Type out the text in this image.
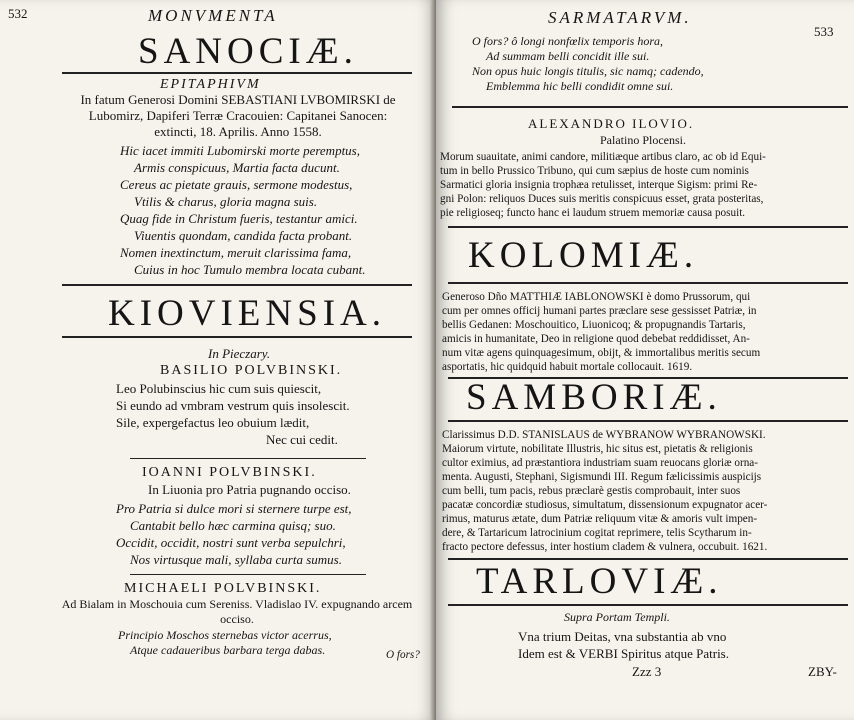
532	MONVMENTA
SANOCIÆ.
EPITAPHIVM
In fatum Generosi Domini SEBASTIANI LVBOMIRSKI de
Lubomirz, Dapiferi Terræ Cracouien: Capitanei Sanocen:
extincti, 18. Aprilis. Anno 1558.
Hic iacet immiti Lubomirski morte peremptus,
Armis conspicuus, Martia facta ducunt.
Cereus ac pietate grauis, sermone modestus,
Vtilis & charus, gloria magna suis.
Quag fide in Christum fueris, testantur amici.
Viuentis quondam, candida facta probant.
Nomen inextinctum, meruit clarissima fama,
Cuius in hoc Tumulo membra locata cubant.
KIOVIENSIA.
In Pieczary.
BASILIO POLVBINSKI.
Leo Polubinscius hic cum suis quiescit,
Si eundo ad vmbram vestrum quis insolescit.
Sile, expergefactus leo obuium lædit,
Nec cui cedit.
IOANNI POLVBINSKI.
In Liuonia pro Patria pugnando occiso.
Pro Patria si dulce mori si sternere turpe est,
Cantabit bello hæc carmina quisq; suo.
Occidit, occidit, nostri sunt verba sepulchri,
Nos virtusque mali, syllaba curta sumus.
MICHAELI POLVBINSKI.
Ad Bialam in Moschouia cum Sereniss. Vladislao IV. expugnando arcem
occiso.
Principio Moschos sternebas victor acerrus,
Atque cadaueribus barbara terga dabas.	O fors?
SARMATARVM.
533
O fors? ô longi nonfœlix temporis hora,
Ad summam belli concidit ille sui.
Non opus huic longis titulis, sic namq; cadendo,
Emblemma hic belli condidit omne sui.
ALEXANDRO ILOVIO.
Palatino Plocensi.
Morum suauitate, animi candore, militiæque artibus claro, ac ob id Equi-
tum in bello Prussico Tribuno, qui cum sæpius de hoste cum nominis
Sarmatici gloria insignia trophæa retulisset, interque Sigism: primi Re-
gni Polon: reliquos Duces suis meritis conspicuus esset, grata posteritas,
pie religioseq; functo hanc ei laudum struem memoriæ causa posuit.
KOLOMIÆ.
Generoso Dño MATTHIÆ IABLONOWSKI è domo Prussorum, qui
cum per omnes officij humani partes præclare sese gessisset Patriæ, in
bellis Gedanen: Moschouitico, Liuonicoq; & propugnandis Tartaris,
amicis in humanitate, Deo in religione quod debebat reddidisset, An-
num vitæ agens quinquagesimum, obijt, & immortalibus meritis secum
asportatis, hic quidquid habuit mortale collocauit. 1619.
SAMBORIÆ.
Clarissimus D.D. STANISLAUS de WYBRANOW WYBRANOWSKI.
Maiorum virtute, nobilitate Illustris, hic situs est, pietatis & religionis
cultor eximius, ad præstantiora industriam suam reuocans gloriæ orna-
menta. Augusti, Stephani, Sigismundi III. Regum fælicissimis auspicijs
cum belli, tum pacis, rebus præclarè gestis comprobauit, inter suos
pacatæ concordiæ studiosus, simultatum, dissensionum expugnator acer-
rimus, maturus ætate, dum Patriæ reliquum vitæ & amoris vult impen-
dere, & Tartaricum latrocinium cogitat reprimere, telis Scytharum in-
fracto pectore defessus, inter hostium cladem & vulnera, occubuit. 1621.
TARLOVIÆ.
Supra Portam Templi.
Vna trium Deitas, vna substantia ab vno
Idem est & VERBI Spiritus atque Patris.
Zzz 3	ZBY-
